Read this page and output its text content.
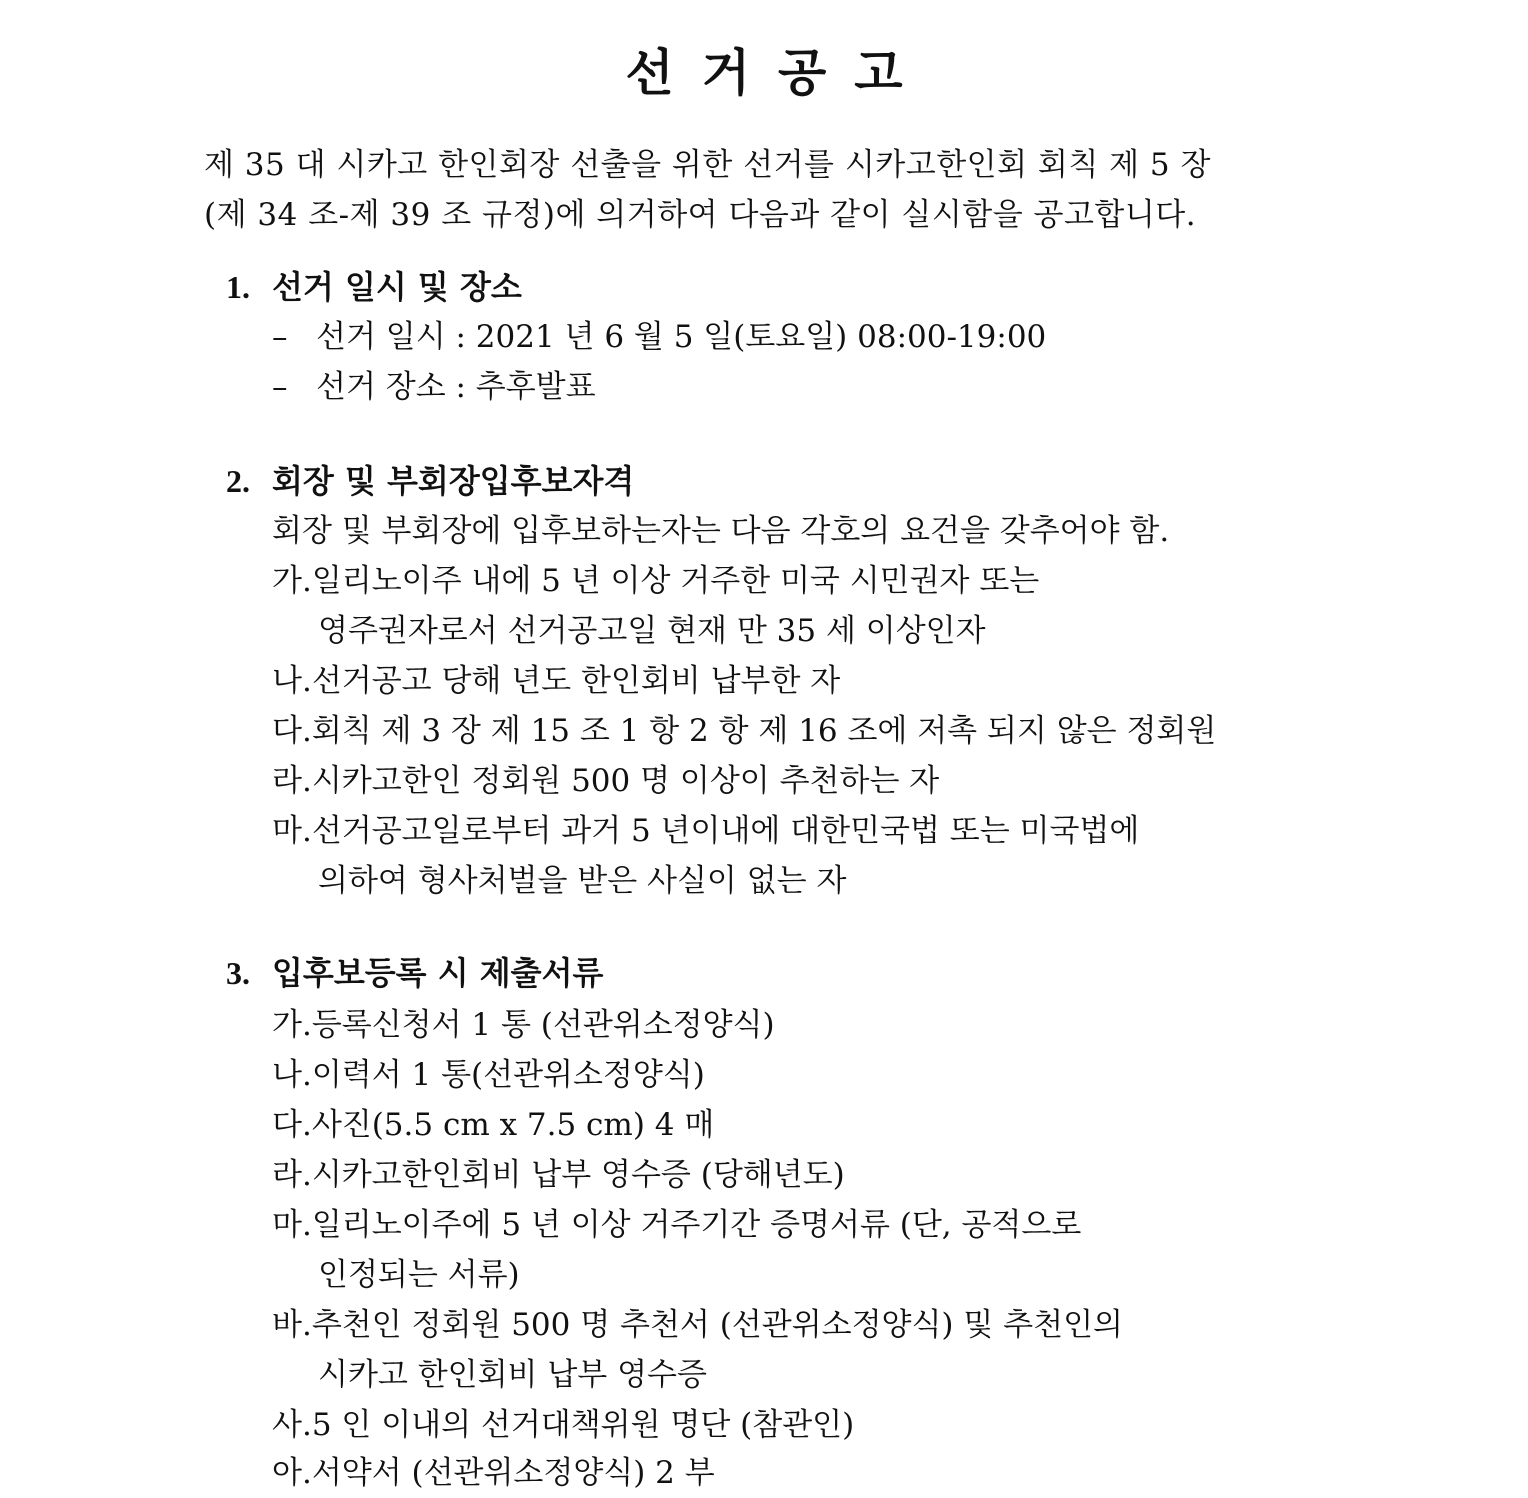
선거공고
제 35 대 시카고 한인회장 선출을 위한 선거를 시카고한인회 회칙 제 5 장
(제 34 조-제 39 조 규정)에 의거하여 다음과 같이 실시함을 공고합니다.
1. 선거 일시 및 장소
– 선거 일시 : 2021 년 6 월 5 일(토요일) 08:00-19:00
– 선거 장소 : 추후발표
2. 회장 및 부회장입후보자격
회장 및 부회장에 입후보하는자는 다음 각호의 요건을 갖추어야 함.
가.일리노이주 내에 5 년 이상 거주한 미국 시민권자 또는
영주권자로서 선거공고일 현재 만 35 세 이상인자
나.선거공고 당해 년도 한인회비 납부한 자
다.회칙 제 3 장 제 15 조 1 항 2 항 제 16 조에 저촉 되지 않은 정회원
라.시카고한인 정회원 500 명 이상이 추천하는 자
마.선거공고일로부터 과거 5 년이내에 대한민국법 또는 미국법에
의하여 형사처벌을 받은 사실이 없는 자
3. 입후보등록 시 제출서류
가.등록신청서 1 통 (선관위소정양식)
나.이력서 1 통(선관위소정양식)
다.사진(5.5 cm x 7.5 cm) 4 매
라.시카고한인회비 납부 영수증 (당해년도)
마.일리노이주에 5 년 이상 거주기간 증명서류 (단, 공적으로
인정되는 서류)
바.추천인 정회원 500 명 추천서 (선관위소정양식) 및 추천인의
시카고 한인회비 납부 영수증
사.5 인 이내의 선거대책위원 명단 (참관인)
아.서약서 (선관위소정양식) 2 부
